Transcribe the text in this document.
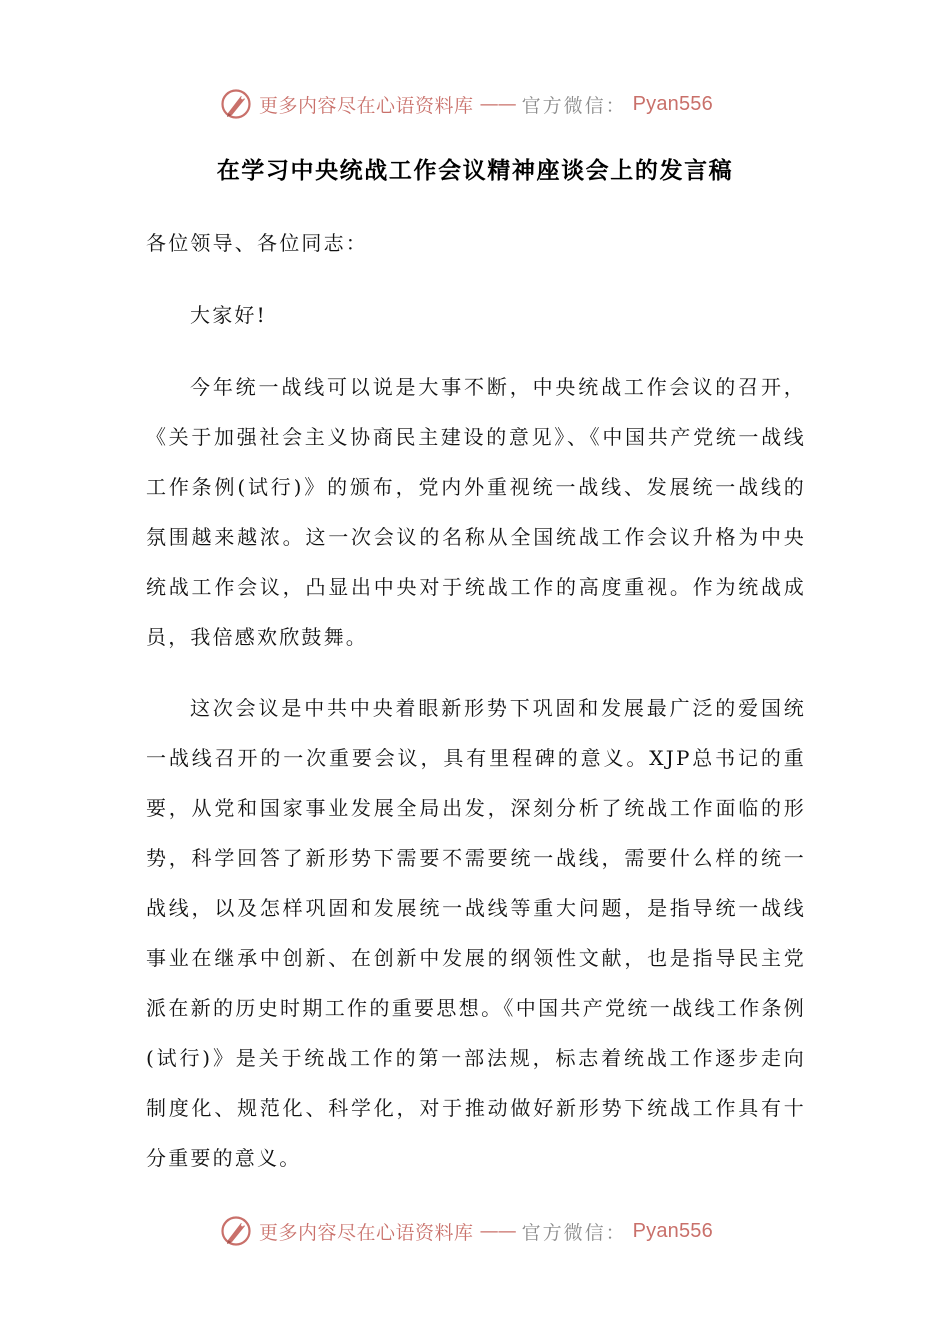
更多内容尽在心语资料库 —— 官方微信： Pyan556
在学习中央统战工作会议精神座谈会上的发言稿
各位领导、各位同志：
大家好!
今年统一战线可以说是大事不断，中央统战工作会议的召开，《关于加强社会主义协商民主建设的意见》、《中国共产党统一战线工作条例(试行)》的颁布，党内外重视统一战线、发展统一战线的氛围越来越浓。这一次会议的名称从全国统战工作会议升格为中央统战工作会议，凸显出中央对于统战工作的高度重视。作为统战成员，我倍感欢欣鼓舞。
这次会议是中共中央着眼新形势下巩固和发展最广泛的爱国统一战线召开的一次重要会议，具有里程碑的意义。XJP总书记的重要，从党和国家事业发展全局出发，深刻分析了统战工作面临的形势，科学回答了新形势下需要不需要统一战线，需要什么样的统一战线，以及怎样巩固和发展统一战线等重大问题，是指导统一战线事业在继承中创新、在创新中发展的纲领性文献，也是指导民主党派在新的历史时期工作的重要思想。《中国共产党统一战线工作条例(试行)》是关于统战工作的第一部法规，标志着统战工作逐步走向制度化、规范化、科学化，对于推动做好新形势下统战工作具有十分重要的意义。
更多内容尽在心语资料库 —— 官方微信： Pyan556
